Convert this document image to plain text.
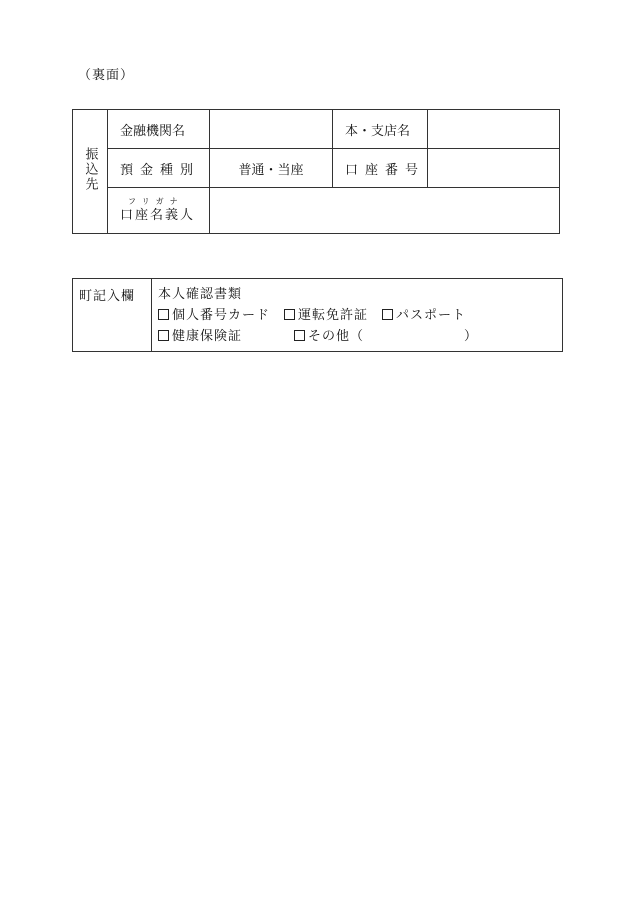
（裏面）
振込先	金融機関名		本・支店名	
	預金種別	普通・当座	口座番号	

	フリガナ
口座名義人			

町記入欄	本人確認書類
個人番号カード 運転免許証 パスポート
健康保険証	その他（	）
